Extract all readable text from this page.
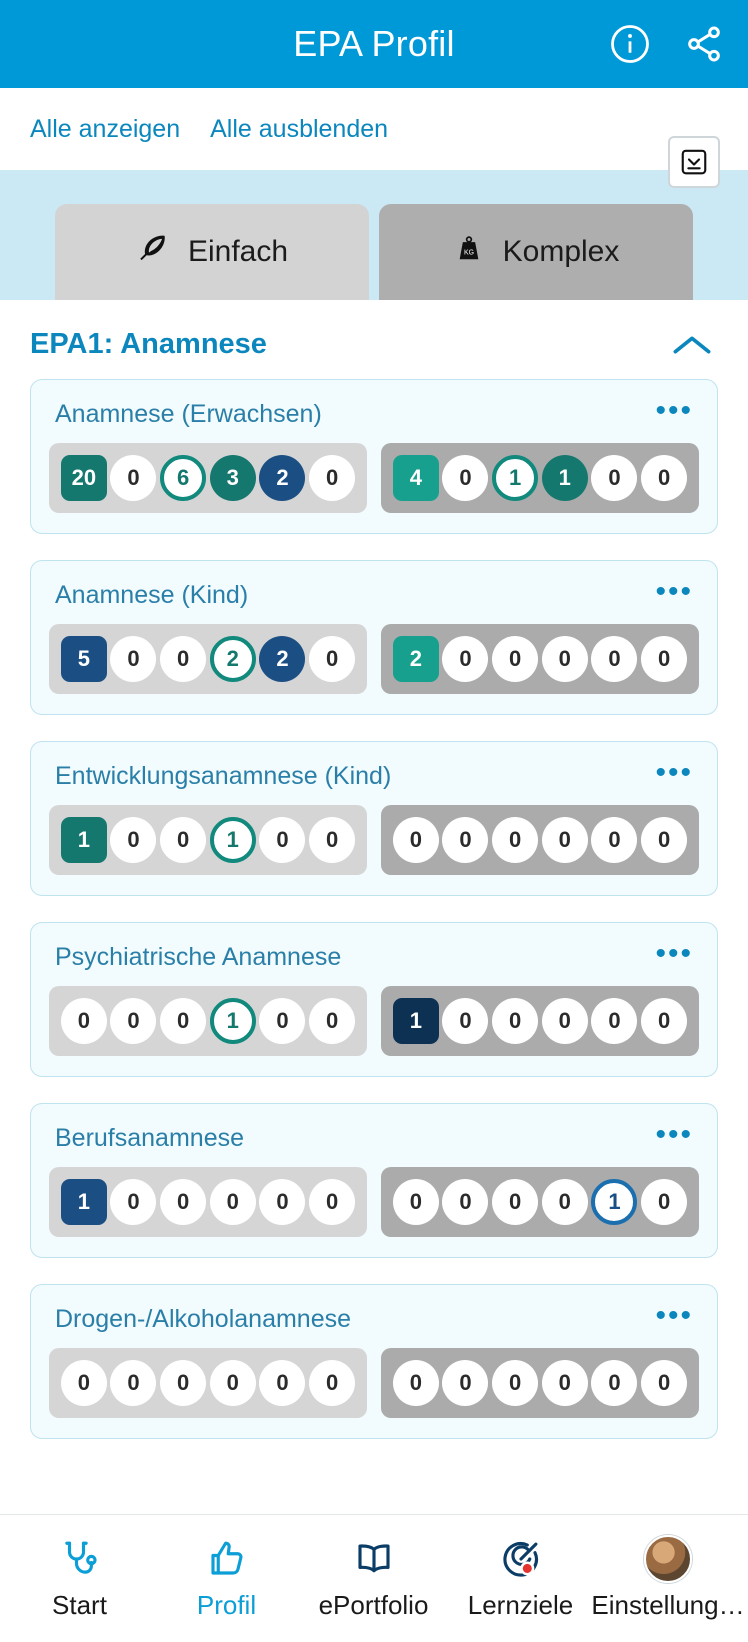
EPA Profil
Alle anzeigen Alle ausblenden
Einfach	KG Komplex
EPA1: Anamnese
Anamnese (Erwachsen)	•••
20	0	6	3	2	0	4	0	1	1	0	0
Anamnese (Kind)	•••
5	0	0	2	2	0	2	0	0	0	0	0
Entwicklungsanamnese (Kind)	•••
1	0	0	1	0	0	0	0	0	0	0	0
Psychiatrische Anamnese	•••
0	0	0	1	0	0	1	0	0	0	0	0
Berufsanamnese	•••
1	0	0	0	0	0	0	0	0	0	1	0
Drogen-/Alkoholanamnese	•••
0	0	0	0	0	0	0	0	0	0	0	0
Start	Profil ePortfolio Lernziele Einstellung…
